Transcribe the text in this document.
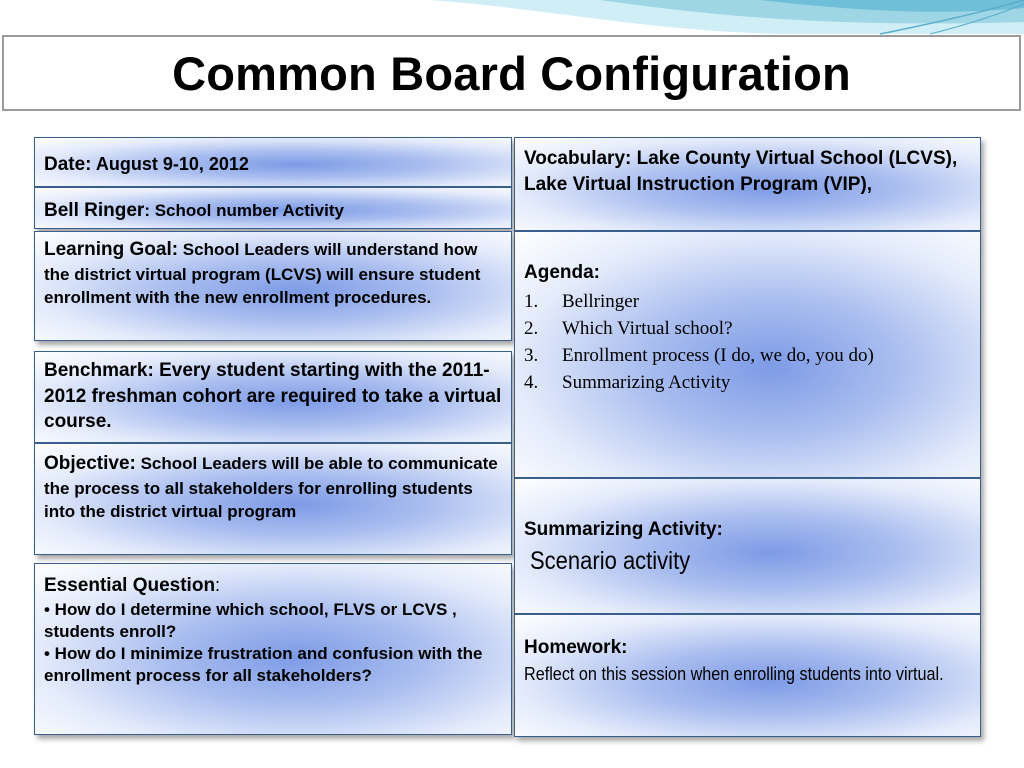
Common Board Configuration
Date: August 9-10, 2012
Bell Ringer: School number Activity
Learning Goal: School Leaders will understand how the district virtual program (LCVS) will ensure student enrollment with the new enrollment procedures.
Benchmark: Every student starting with the 2011-2012 freshman cohort are required to take a virtual course.
Objective: School Leaders will be able to communicate the process to all stakeholders for enrolling students into the district virtual program
Essential Question:
• How do I determine which school, FLVS or LCVS , students enroll?
• How do I minimize frustration and confusion with the enrollment process for all stakeholders?
Vocabulary: Lake County Virtual School (LCVS), Lake Virtual Instruction Program (VIP),
Agenda:
1.	Bellringer
2.	Which Virtual school?
3.	Enrollment process (I do, we do, you do)
4.	Summarizing Activity
Summarizing Activity:
Scenario activity
Homework:
Reflect on this session when enrolling students into virtual.
